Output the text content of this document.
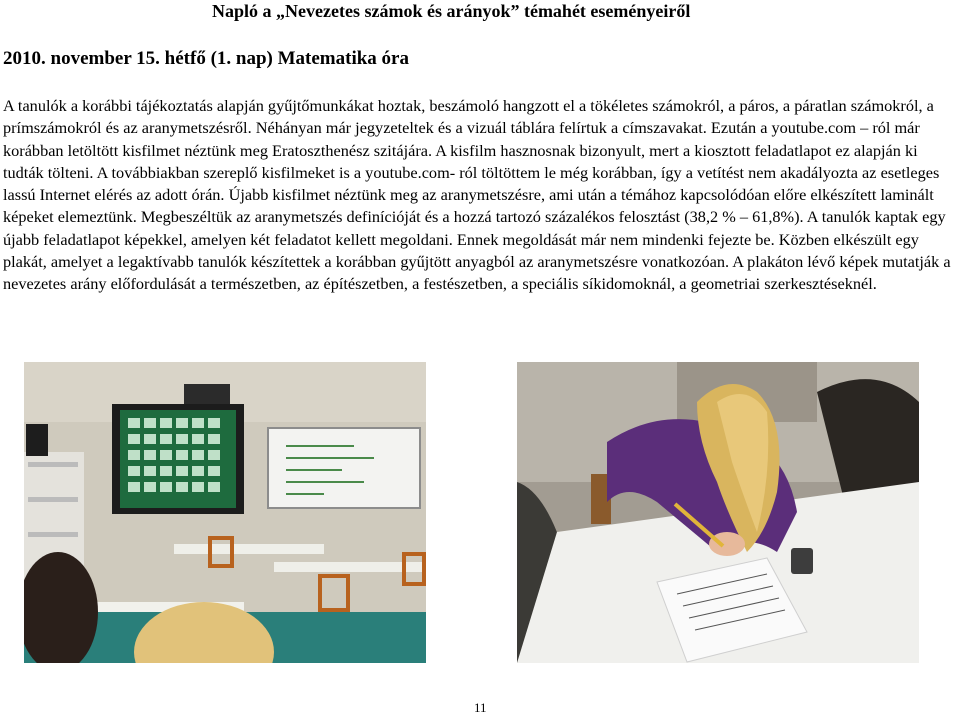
Napló a „Nevezetes számok és arányok” témahét eseményeiről
2010. november 15. hétfő (1. nap) Matematika óra

A tanulók a korábbi tájékoztatás alapján gyűjtőmunkákat hoztak, beszámoló hangzott el a tökéletes számokról, a páros, a páratlan számokról, a prímszámokról és az aranymetszésről. Néhányan már jegyzeteltek és a vizuál táblára felírtuk a címszavakat. Ezután a youtube.com – ról már korábban letöltött kisfilmet néztünk meg Eratoszthenész szitájára. A kisfilm hasznosnak bizonyult, mert a kiosztott feladatlapot ez alapján ki tudták tölteni. A továbbiakban szereplő kisfilmeket is a youtube.com- ról töltöttem le még korábban, így a vetítést nem akadályozta az esetleges lassú Internet elérés az adott órán. Újabb kisfilmet néztünk meg az aranymetszésre, ami után a témához kapcsolódóan előre elkészített laminált képeket elemeztünk. Megbeszéltük az aranymetszés definícióját és a hozzá tartozó százalékos felosztást (38,2 % – 61,8%). A tanulók kaptak egy újabb feladatlapot képekkel, amelyen két feladatot kellett megoldani. Ennek megoldását már nem mindenki fejezte be. Közben elkészült egy plakát, amelyet a legaktívabb tanulók készítettek a korábban gyűjtött anyagból az aranymetszésre vonatkozóan. A plakáton lévő képek mutatják a nevezetes arány előfordulását a természetben, az építészetben, a festészetben, a speciális síkidomoknál, a geometriai szerkesztéseknél.

11
